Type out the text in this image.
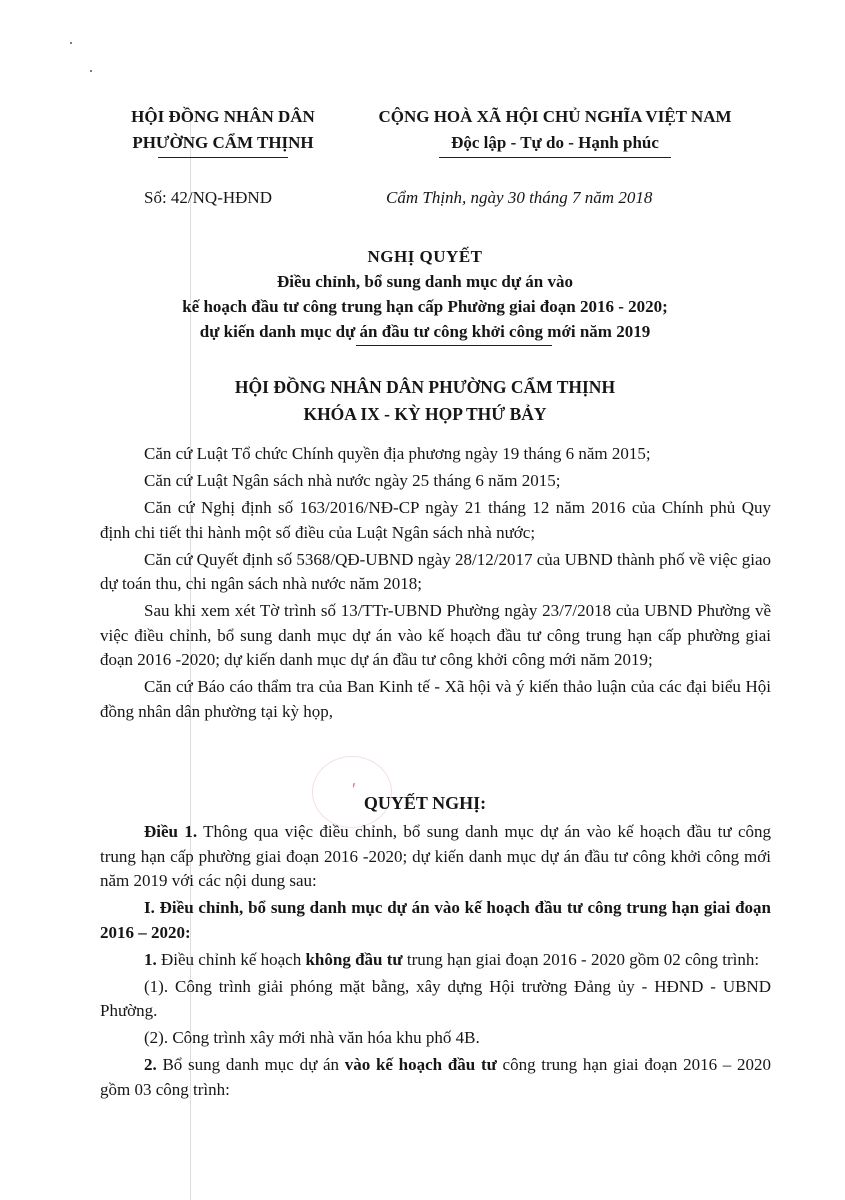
HỘI ĐỒNG NHÂN DÂN
PHƯỜNG CẨM THỊNH
CỘNG HOÀ XÃ HỘI CHỦ NGHĨA VIỆT NAM
Độc lập - Tự do - Hạnh phúc
Số: 42/NQ-HĐND	Cẩm Thịnh, ngày 30 tháng 7 năm 2018
NGHỊ QUYẾT
Điều chỉnh, bổ sung danh mục dự án vào
kế hoạch đầu tư công trung hạn cấp Phường giai đoạn 2016 - 2020;
dự kiến danh mục dự án đầu tư công khởi công mới năm 2019
HỘI ĐỒNG NHÂN DÂN PHƯỜNG CẨM THỊNH
KHÓA IX - KỲ HỌP THỨ BẢY

Căn cứ Luật Tổ chức Chính quyền địa phương ngày 19 tháng 6 năm 2015;

Căn cứ Luật Ngân sách nhà nước ngày 25 tháng 6 năm 2015;

Căn cứ Nghị định số 163/2016/NĐ-CP ngày 21 tháng 12 năm 2016 của Chính phủ Quy định chi tiết thi hành một số điều của Luật Ngân sách nhà nước;

Căn cứ Quyết định số 5368/QĐ-UBND ngày 28/12/2017 của UBND thành phố về việc giao dự toán thu, chi ngân sách nhà nước năm 2018;

Sau khi xem xét Tờ trình số 13/TTr-UBND Phường ngày 23/7/2018 của UBND Phường về việc điều chỉnh, bổ sung danh mục dự án vào kế hoạch đầu tư công trung hạn cấp phường giai đoạn 2016 -2020; dự kiến danh mục dự án đầu tư công khởi công mới năm 2019;

Căn cứ Báo cáo thẩm tra của Ban Kinh tế - Xã hội và ý kiến thảo luận của các đại biểu Hội đồng nhân dân phường tại kỳ họp,

ʹ
QUYẾT NGHỊ:

Điều 1. Thông qua việc điều chỉnh, bổ sung danh mục dự án vào kế hoạch đầu tư công trung hạn cấp phường giai đoạn 2016 -2020; dự kiến danh mục dự án đầu tư công khởi công mới năm 2019 với các nội dung sau:

I. Điều chỉnh, bổ sung danh mục dự án vào kế hoạch đầu tư công trung hạn giai đoạn 2016 – 2020:

1. Điều chỉnh kế hoạch không đầu tư trung hạn giai đoạn 2016 - 2020 gồm 02 công trình:

(1). Công trình giải phóng mặt bằng, xây dựng Hội trường Đảng ủy - HĐND - UBND Phường.

(2). Công trình xây mới nhà văn hóa khu phố 4B.

2. Bổ sung danh mục dự án vào kế hoạch đầu tư công trung hạn giai đoạn 2016 – 2020 gồm 03 công trình:
